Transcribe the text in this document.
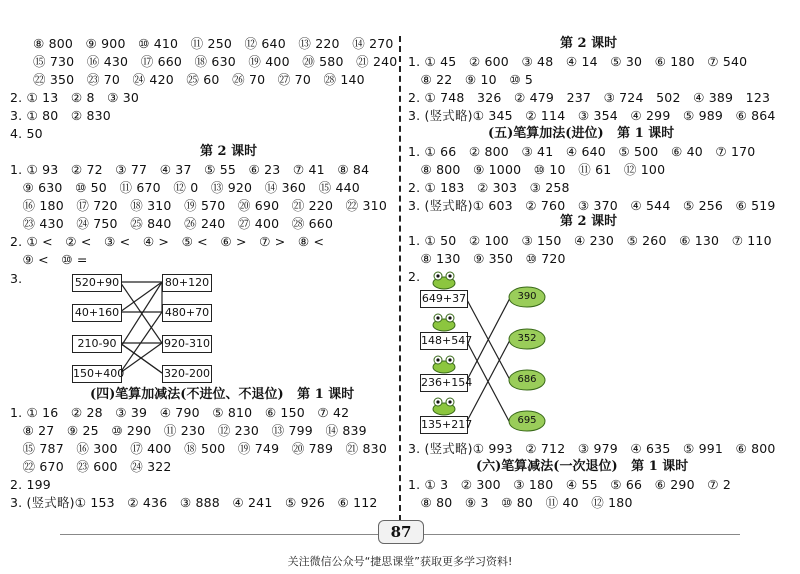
⑧ 800   ⑨ 900   ⑩ 410   ⑪ 250   ⑫ 640   ⑬ 220   ⑭ 270
⑮ 730   ⑯ 430   ⑰ 660   ⑱ 630   ⑲ 400   ⑳ 580   ㉑ 240
㉒ 350   ㉓ 70   ㉔ 420   ㉕ 60   ㉖ 70   ㉗ 70   ㉘ 140
2. ① 13   ② 8   ③ 30
3. ① 80   ② 830
4. 50
第 2 课时
1. ① 93   ② 72   ③ 77   ④ 37   ⑤ 55   ⑥ 23   ⑦ 41   ⑧ 84
⑨ 630   ⑩ 50   ⑪ 670   ⑫ 0   ⑬ 920   ⑭ 360   ⑮ 440
⑯ 180   ⑰ 720   ⑱ 310   ⑲ 570   ⑳ 690   ㉑ 220   ㉒ 310
㉓ 430   ㉔ 750   ㉕ 840   ㉖ 240   ㉗ 400   ㉘ 660
2. ① <   ② <   ③ <   ④ >   ⑤ <   ⑥ >   ⑦ >   ⑧ <
⑨ <   ⑩ =
3.	520+90
40+160
210-90
150+400
80+120
480+70
920-310
320-200
(四)笔算加减法(不进位、不退位)   第 1 课时
1. ① 16   ② 28   ③ 39   ④ 790   ⑤ 810   ⑥ 150   ⑦ 42
⑧ 27   ⑨ 25   ⑩ 290   ⑪ 230   ⑫ 230   ⑬ 799   ⑭ 839
⑮ 787   ⑯ 300   ⑰ 400   ⑱ 500   ⑲ 749   ⑳ 789   ㉑ 830
㉒ 670   ㉓ 600   ㉔ 322
2. 199
3. (竖式略)① 153   ② 436   ③ 888   ④ 241   ⑤ 926   ⑥ 112
第 2 课时
1. ① 45   ② 600   ③ 48   ④ 14   ⑤ 30   ⑥ 180   ⑦ 540
⑧ 22   ⑨ 10   ⑩ 5
2. ① 748   326   ② 479   237   ③ 724   502   ④ 389   123
3. (竖式略)① 345   ② 114   ③ 354   ④ 299   ⑤ 989   ⑥ 864
(五)笔算加法(进位)   第 1 课时
1. ① 66   ② 800   ③ 41   ④ 640   ⑤ 500   ⑥ 40   ⑦ 170
⑧ 800   ⑨ 1000   ⑩ 10   ⑪ 61   ⑫ 100
2. ① 183   ② 303   ③ 258
3. (竖式略)① 603   ② 760   ③ 370   ④ 544   ⑤ 256   ⑥ 519
第 2 课时
1. ① 50   ② 100   ③ 150   ④ 230   ⑤ 260   ⑥ 130   ⑦ 110
⑧ 130   ⑨ 350   ⑩ 720
2.
649+37
148+547
236+154
135+217
390
352
686
695
3. (竖式略)① 993   ② 712   ③ 979   ④ 635   ⑤ 991   ⑥ 800
(六)笔算减法(一次退位)   第 1 课时
1. ① 3   ② 300   ③ 180   ④ 55   ⑤ 66   ⑥ 290   ⑦ 2
⑧ 80   ⑨ 3   ⑩ 80   ⑪ 40   ⑫ 180
87
关注微信公众号“捷思课堂”获取更多学习资料!
